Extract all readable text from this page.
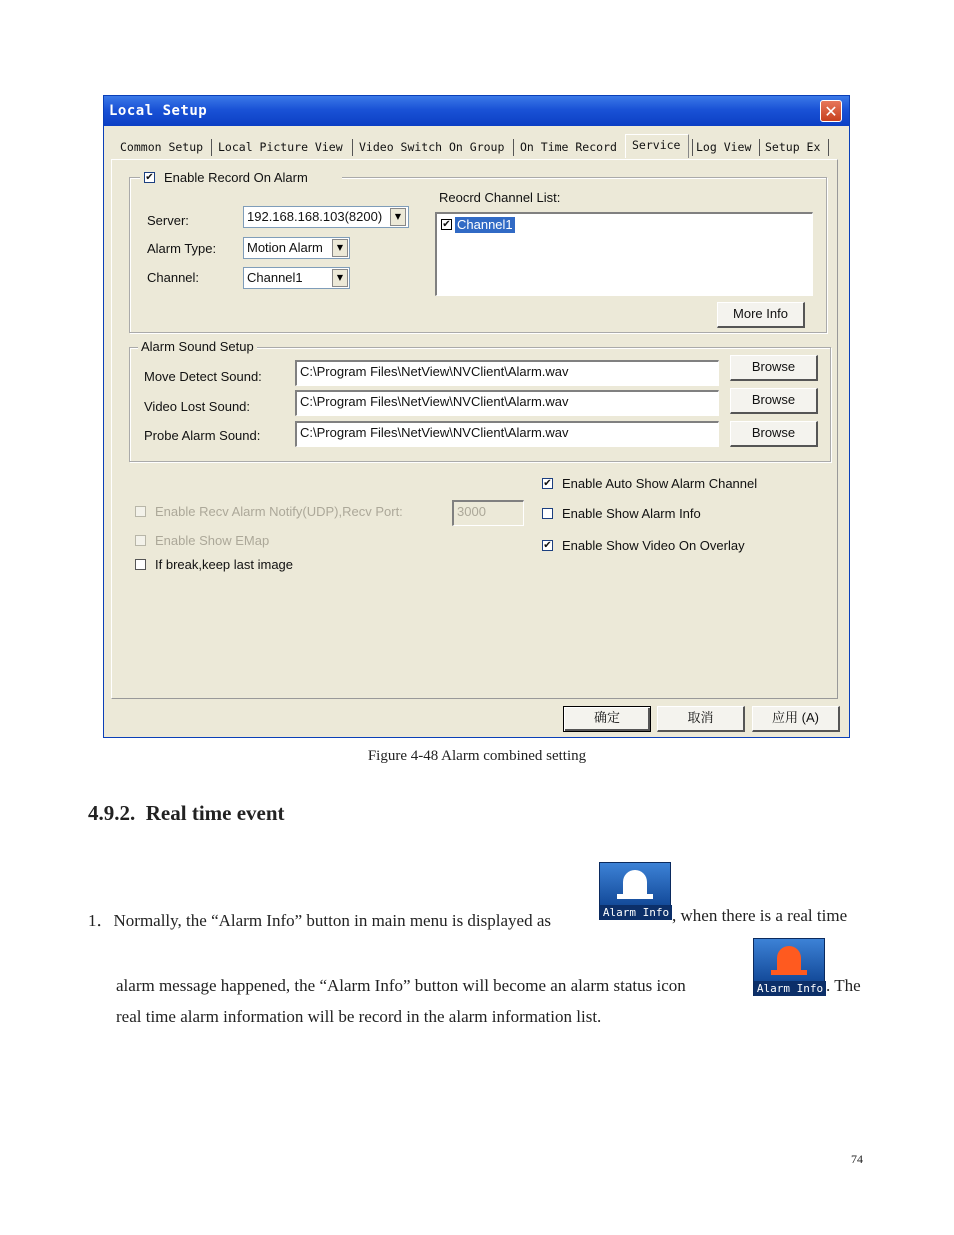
Local Setup	✕
Common Setup Local Picture View Video Switch On Group On Time Record Service Log View Setup Ex
✔ Enable Record On Alarm
Server:	192.168.168.103(8200)	▼
Alarm Type:	Motion Alarm	▼
Channel:	Channel1	▼
Reocrd Channel List:
✔ Channel1
More Info
Alarm Sound Setup
Move Detect Sound:	C:\Program Files\NetView\NVClient\Alarm.wav	Browse
Video Lost Sound:	C:\Program Files\NetView\NVClient\Alarm.wav	Browse
Probe Alarm Sound:	C:\Program Files\NetView\NVClient\Alarm.wav	Browse
Enable Recv Alarm Notify(UDP),Recv Port:	3000
Enable Show EMap
If break,keep last image
✔ Enable Auto Show Alarm Channel
Enable Show Alarm Info
✔ Enable Show Video On Overlay
确定	取消	应用 (A)
Figure 4-48 Alarm combined setting
4.9.2.  Real time event
1．Normally, the “Alarm Info” button in main menu is displayed as	Alarm Info , when there is a real time
alarm message happened, the “Alarm Info” button will become an alarm status icon	Alarm Info . The
real time alarm information will be record in the alarm information list.
74
